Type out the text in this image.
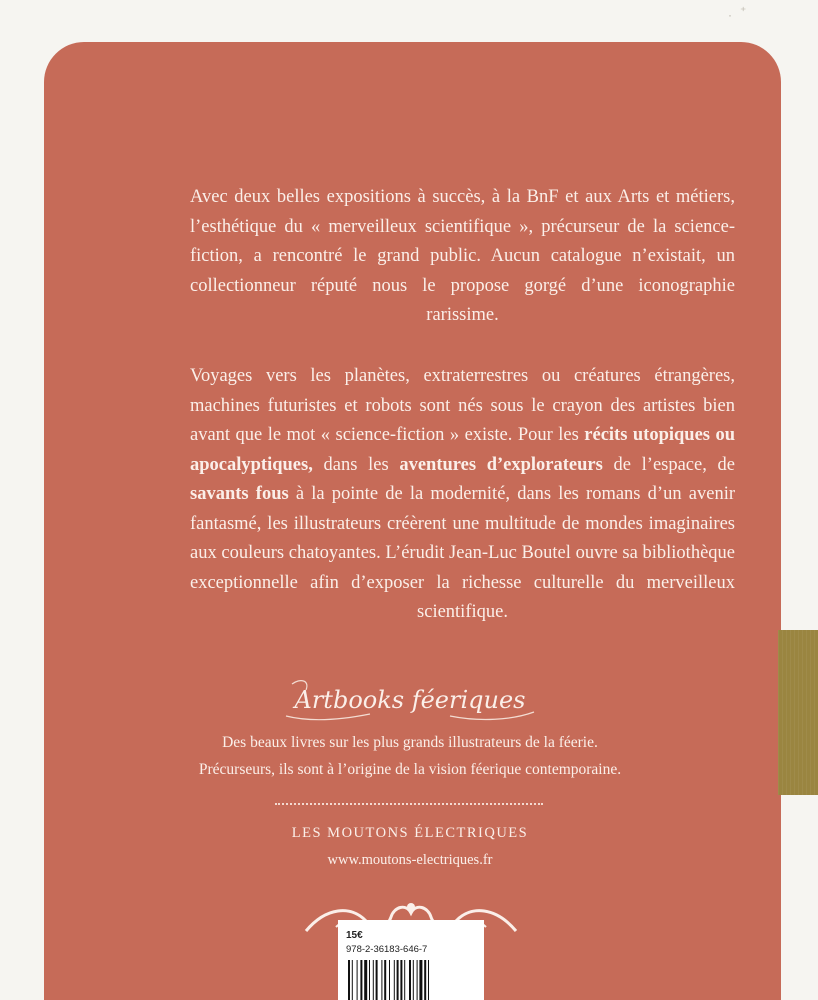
· ⁺

Avec deux belles expositions à succès, à la BnF et aux Arts et métiers, l’esthétique du « merveilleux scientifique », précurseur de la science-fiction, a rencontré le grand public. Aucun catalogue n’existait, un collectionneur réputé nous le propose gorgé d’une iconographie rarissime.

Voyages vers les planètes, extraterrestres ou créatures étrangères, machines futuristes et robots sont nés sous le crayon des artistes bien avant que le mot « science-fiction » existe. Pour les récits utopiques ou apocalyptiques, dans les aventures d’explorateurs de l’espace, de savants fous à la pointe de la modernité, dans les romans d’un avenir fantasmé, les illustrateurs créèrent une multitude de mondes imaginaires aux couleurs chatoyantes. L’érudit Jean-Luc Boutel ouvre sa bibliothèque exceptionnelle afin d’exposer la richesse culturelle du merveilleux scientifique.

Artbooks féeriques
Des beaux livres sur les plus grands illustrateurs de la féerie.
Précurseurs, ils sont à l’origine de la vision féerique contemporaine.
LES MOUTONS ÉLECTRIQUES
www.moutons-electriques.fr
15€
978-2-36183-646-7
